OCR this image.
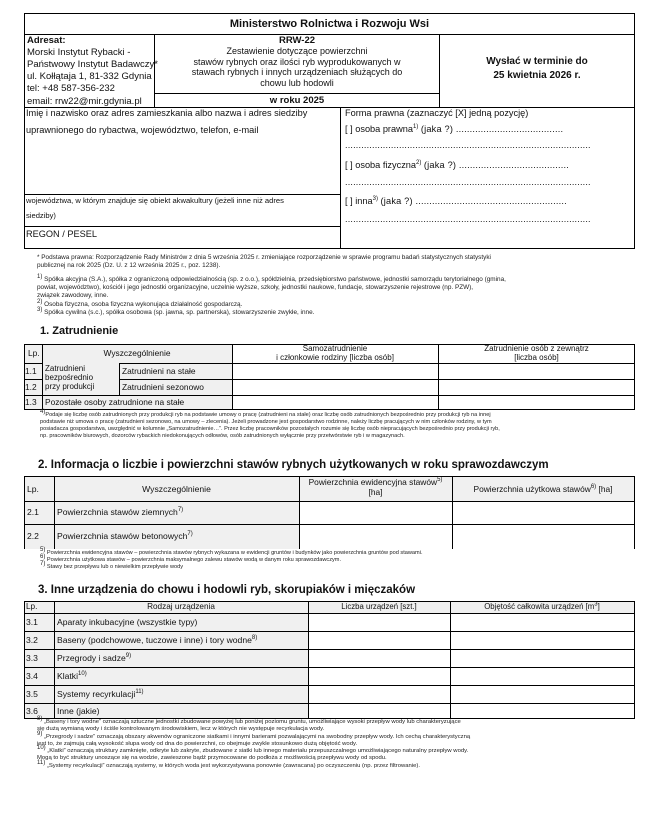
Ministerstwo Rolnictwa i Rozwoju Wsi
Adresat:
Morski Instytut Rybacki -
Państwowy Instytut Badawczy*
ul. Kołłątaja 1, 81-332 Gdynia
tel: +48 587-356-232
email: rrw22@mir.gdynia.pl
RRW-22
Zestawienie dotyczące powierzchni
stawów rybnych oraz ilości ryb wyprodukowanych w
stawach rybnych i innych urządzeniach służących do
chowu lub hodowli
w roku 2025
Wysłać w terminie do
25 kwietnia 2026 r.
Imię i nazwisko oraz adres zamieszkania albo nazwa i adres siedziby
uprawnionego do rybactwa, województwo, telefon, e-mail
województwa, w którym znajduje się obiekt akwakultury (jeżeli inne niż adres
siedziby)
REGON / PESEL
Forma prawna (zaznaczyć [X] jedną pozycję)
[ ] osoba prawna$^{1)}$ (jaka ?) .......................................
...........................................................................................
[ ] osoba fizyczna$^{2)}$ (jaka ?) ........................................
...........................................................................................
[ ] inna$^{3)}$ (jaka ?) .......................................................
...........................................................................................
* Podstawa prawna: Rozporządzenie Rady Ministrów z dnia 5 września 2025 r. zmieniające rozporządzenie w sprawie programu badań statystycznych statystyki
publicznej na rok 2025 (Dz. U. z 12 września 2025 r., poz. 1238).
$^{1)}$ Spółka akcyjna (S.A.), spółka z ograniczoną odpowiedzialnością (sp. z o.o.), spółdzielnia, przedsiębiorstwo państwowe, jednostki samorządu terytorialnego (gmina,
powiat, województwo), kościół i jego jednostki organizacyjne, uczelnie wyższe, szkoły, jednostki naukowe, fundacje, stowarzyszenie rejestrowe (np. PZW),
związek zawodowy, inne.
$^{2)}$ Osoba fizyczna, osoba fizyczna wykonująca działalność gospodarczą.
$^{3)}$ Spółka cywilna (s.c.), spółka osobowa (sp. jawna, sp. partnerska), stowarzyszenie zwykłe, inne.
1. Zatrudnienie
Lp.	Wyszczególnienie	Samozatrudnienie
i członkowie rodziny [liczba osób]
Zatrudnienie osób z zewnątrz
[liczba osób]
Zatrudnieni
bezpośrednio
przy produkcji
1.1	Zatrudnieni na stałe
1.2	Zatrudnieni sezonowo
1.3 Pozostałe osoby zatrudnione na stałe
$^{4)}$Podaje się liczbę osób zatrudnionych przy produkcji ryb na podstawie umowy o pracę (zatrudnieni na stałe) oraz liczbę osób zatrudnionych bezpośrednio przy produkcji ryb na innej
podstawie niż umowa o pracę (zatrudnieni sezonowo, na umowy – zlecenia). Jeżeli prowadzone jest gospodarstwo rodzinne, należy liczbę pracujących w nim członków rodziny, w tym
posiadacza gospodarstwa, uwzględnić w kolumnie „Samozatrudnienie…”. Przez liczbę pracowników pozostałych rozumie się liczbę osób niepracujących bezpośrednio przy produkcji ryb,
np. pracowników biurowych, dozorców rybackich niedokonujących odłowów, osób zatrudnionych wyłącznie przy przetwórstwie ryb i w magazynach.
2. Informacja o liczbie i powierzchni stawów rybnych użytkowanych w roku sprawozdawczym
Lp.	Wyszczególnienie
Powierzchnia ewidencyjna stawów$^{5)}$
[ha]	Powierzchnia użytkowa stawów$^{6)}$ [ha]
2.1 Powierzchnia stawów ziemnych$^{7)}$
2.2 Powierzchnia stawów betonowych$^{7)}$
$^{5)}$ Powierzchnia ewidencyjna stawów – powierzchnia stawów rybnych wykazana w ewidencji gruntów i budynków jako powierzchnia gruntów pod stawami.
$^{6)}$ Powierzchnia użytkowa stawów – powierzchnia maksymalnego zalewu stawów wodą w danym roku sprawozdawczym.
$^{7)}$ Stawy bez przepływu lub o niewielkim przepływie wody
3. Inne urządzenia do chowu i hodowli ryb, skorupiaków i mięczaków
Lp.	Rodzaj urządzenia	Liczba urządzeń [szt.]	Objętość całkowita urządzeń $[m^3]$
3.1 Aparaty inkubacyjne (wszystkie typy)
3.2 Baseny (podchowowe, tuczowe i inne) i tory wodne$^{8)}$
3.3 Przegrody i sadze$^{9)}$
3.4 Klatki$^{10)}$
3.5 Systemy recyrkulacji$^{11)}$
3.6 Inne (jakie)
$^{8)}$ „Baseny i tory wodne” oznaczają sztuczne jednostki zbudowane powyżej lub poniżej poziomu gruntu, umożliwiające wysoki przepływ wody lub charakteryzujące
się dużą wymianą wody i ściśle kontrolowanym środowiskiem, lecz w których nie występuje recyrkulacja wody.
$^{9)}$ „Przegrody i sadze” oznaczają obszary akwenów ograniczone siatkami i innymi barierami pozwalającymi na swobodny przepływ wody. Ich cechą charakterystyczną
jest to, że zajmują całą wysokość słupa wody od dna do powierzchni, co obejmuje zwykle stosunkowo dużą objętość wody.
$^{10)}$ „Klatki” oznaczają struktury zamknięte, odkryte lub zakryte, zbudowane z siatki lub innego materiału przepuszczalnego umożliwiającego naturalny przepływ wody.
Mogą to być struktury unoszące się na wodzie, zawieszone bądź przymocowane do podłoża z możliwością przepływu wody od spodu.
$^{11)}$ „Systemy recyrkulacji” oznaczają systemy, w których woda jest wykorzystywana ponownie (zawracana) po oczyszczeniu (np. przez filtrowanie).
